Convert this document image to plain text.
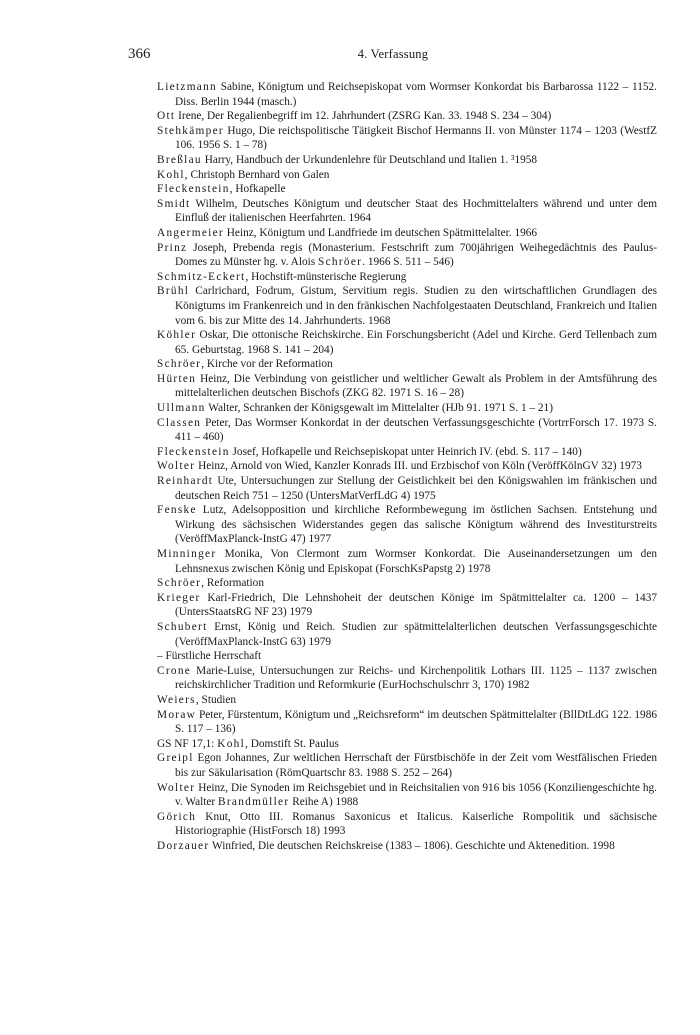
366	4. Verfassung

Lietzmann Sabine, Königtum und Reichsepiskopat vom Wormser Konkordat bis Barbarossa 1122 – 1152. Diss. Berlin 1944 (masch.)

Ott Irene, Der Regalienbegriff im 12. Jahrhundert (ZSRG Kan. 33. 1948 S. 234 – 304)

Stehkämper Hugo, Die reichspolitische Tätigkeit Bischof Hermanns II. von Münster 1174 – 1203 (WestfZ 106. 1956 S. 1 – 78)

Breßlau Harry, Handbuch der Urkundenlehre für Deutschland und Italien 1. ³1958

Kohl, Christoph Bernhard von Galen

Fleckenstein, Hofkapelle

Smidt Wilhelm, Deutsches Königtum und deutscher Staat des Hochmittelalters während und unter dem Einfluß der italienischen Heerfahrten. 1964

Angermeier Heinz, Königtum und Landfriede im deutschen Spätmittelalter. 1966

Prinz Joseph, Prebenda regis (Monasterium. Festschrift zum 700jährigen Weihegedächtnis des Paulus-Domes zu Münster hg. v. Alois Schröer. 1966 S. 511 – 546)

Schmitz-Eckert, Hochstift-münsterische Regierung

Brühl Carlrichard, Fodrum, Gistum, Servitium regis. Studien zu den wirtschaftlichen Grundlagen des Königtums im Frankenreich und in den fränkischen Nachfolgestaaten Deutschland, Frankreich und Italien vom 6. bis zur Mitte des 14. Jahrhunderts. 1968

Köhler Oskar, Die ottonische Reichskirche. Ein Forschungsbericht (Adel und Kirche. Gerd Tellenbach zum 65. Geburtstag. 1968 S. 141 – 204)

Schröer, Kirche vor der Reformation

Hürten Heinz, Die Verbindung von geistlicher und weltlicher Gewalt als Problem in der Amtsführung des mittelalterlichen deutschen Bischofs (ZKG 82. 1971 S. 16 – 28)

Ullmann Walter, Schranken der Königsgewalt im Mittelalter (HJb 91. 1971 S. 1 – 21)

Classen Peter, Das Wormser Konkordat in der deutschen Verfassungsgeschichte (VortrrForsch 17. 1973 S. 411 – 460)

Fleckenstein Josef, Hofkapelle und Reichsepiskopat unter Heinrich IV. (ebd. S. 117 – 140)

Wolter Heinz, Arnold von Wied, Kanzler Konrads III. und Erzbischof von Köln (VeröffKölnGV 32) 1973

Reinhardt Ute, Untersuchungen zur Stellung der Geistlichkeit bei den Königswahlen im fränkischen und deutschen Reich 751 – 1250 (UntersMatVerfLdG 4) 1975

Fenske Lutz, Adelsopposition und kirchliche Reformbewegung im östlichen Sachsen. Entstehung und Wirkung des sächsischen Widerstandes gegen das salische Königtum während des Investiturstreits (VeröffMaxPlanck-InstG 47) 1977

Minninger Monika, Von Clermont zum Wormser Konkordat. Die Auseinandersetzungen um den Lehnsnexus zwischen König und Episkopat (ForschKsPapstg 2) 1978

Schröer, Reformation

Krieger Karl-Friedrich, Die Lehnshoheit der deutschen Könige im Spätmittelalter ca. 1200 – 1437 (UntersStaatsRG NF 23) 1979

Schubert Ernst, König und Reich. Studien zur spätmittelalterlichen deutschen Verfassungsgeschichte (VeröffMaxPlanck-InstG 63) 1979

– Fürstliche Herrschaft

Crone Marie-Luise, Untersuchungen zur Reichs- und Kirchenpolitik Lothars III. 1125 – 1137 zwischen reichskirchlicher Tradition und Reformkurie (EurHochschulschrr 3, 170) 1982

Weiers, Studien

Moraw Peter, Fürstentum, Königtum und „Reichsreform“ im deutschen Spätmittelalter (BllDtLdG 122. 1986 S. 117 – 136)

GS NF 17,1: Kohl, Domstift St. Paulus

Greipl Egon Johannes, Zur weltlichen Herrschaft der Fürstbischöfe in der Zeit vom Westfälischen Frieden bis zur Säkularisation (RömQuartschr 83. 1988 S. 252 – 264)

Wolter Heinz, Die Synoden im Reichsgebiet und in Reichsitalien von 916 bis 1056 (Konziliengeschichte hg. v. Walter Brandmüller Reihe A) 1988

Görich Knut, Otto III. Romanus Saxonicus et Italicus. Kaiserliche Rompolitik und sächsische Historiographie (HistForsch 18) 1993

Dorzauer Winfried, Die deutschen Reichskreise (1383 – 1806). Geschichte und Aktenedition. 1998
